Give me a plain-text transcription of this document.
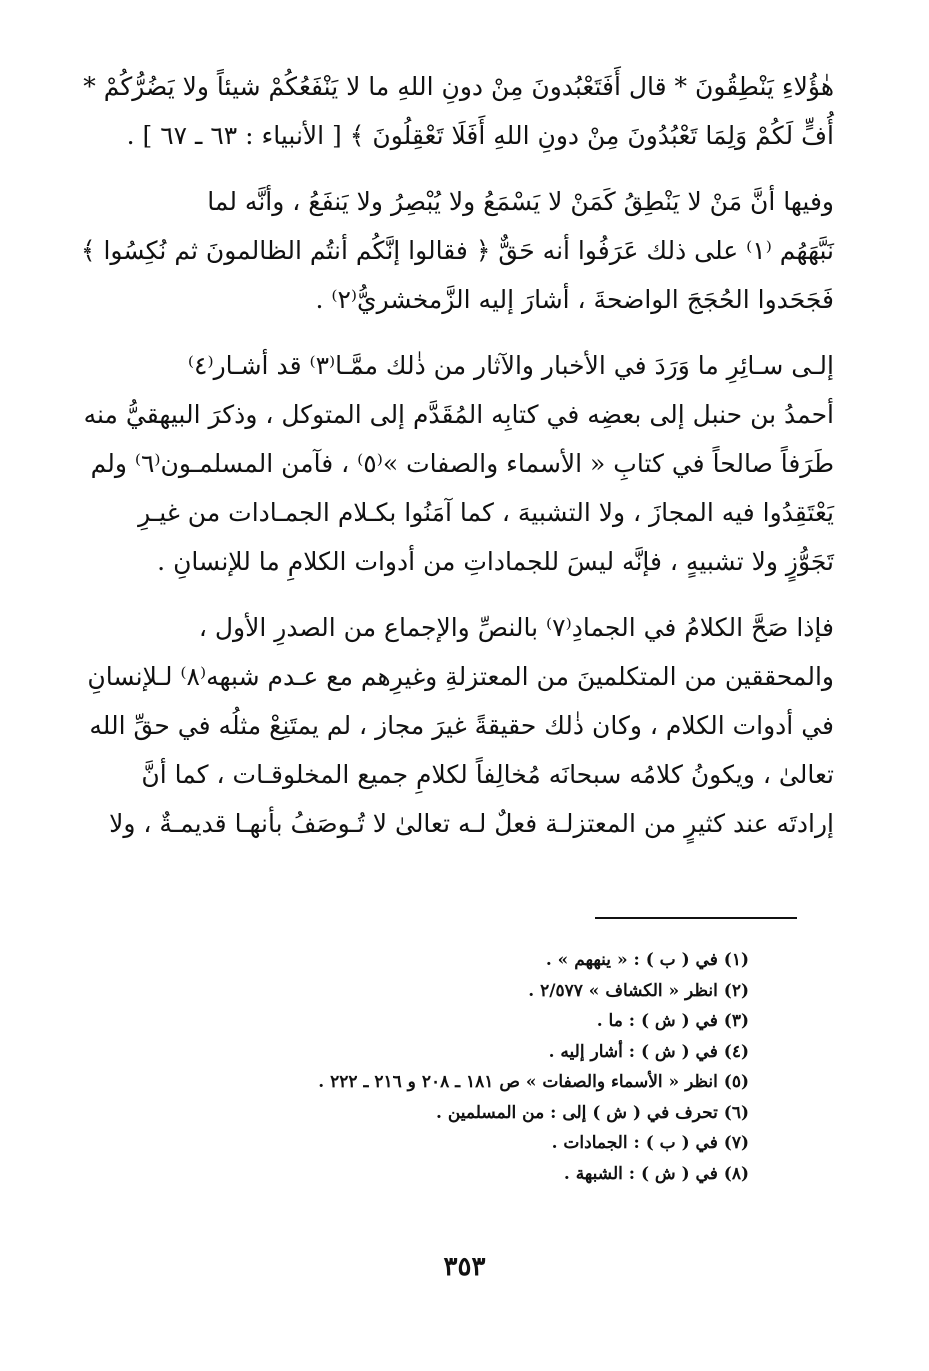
هٰؤُلاءِ يَنْطِقُونَ * قال أَفَتَعْبُدونَ مِنْ دونِ اللهِ ما لا يَنْفَعُكُمْ شيئاً ولا يَضُرُّكُمْ *
أُفٍّ لَكُمْ وَلِمَا تَعْبُدُونَ مِنْ دونِ اللهِ أَفَلَا تَعْقِلُونَ ﴾ [ الأنبياء : ٦٣ ـ ٦٧ ] .

وفيها أنَّ مَنْ لا يَنْطِقُ كَمَنْ لا يَسْمَعُ ولا يُبْصِرُ ولا يَنفَعُ ، وأنَّه لما
نَبَّهَهُم ⁽١⁾ على ذلك عَرَفُوا أنه حَقٌّ ﴿ فقالوا إنَّكُم أنتُم الظالمونَ ثم نُكِسُوا ﴾
فَجَحَدوا الحُجَجَ الواضحةَ ، أشارَ إليه الزَّمخشريُّ⁽٢⁾ .

إلـى سـائِرِ ما وَرَدَ في الأخبار والآثار من ذٰلك ممَّـا⁽٣⁾ قد أشـار⁽٤⁾
أحمدُ بن حنبل إلى بعضِه في كتابِه المُقَدَّم إلى المتوكل ، وذكرَ البيهقيُّ منه
طَرَفاً صالحاً في كتابِ « الأسماء والصفات »⁽٥⁾ ، فآمن المسلمـون⁽٦⁾ ولم
يَعْتَقِدُوا فيه المجازَ ، ولا التشبيهَ ، كما آمَنُوا بكـلام الجمـادات من غيـرِ
تَجَوُّزٍ ولا تشبيهٍ ، فإنَّه ليسَ للجماداتِ من أدوات الكلامِ ما للإنسانِ .

فإذا صَحَّ الكلامُ في الجمادِ⁽٧⁾ بالنصِّ والإجماع من الصدرِ الأول ،
والمحققين من المتكلمينَ من المعتزلةِ وغيرِهم مع عـدم شبهه⁽٨⁾ لـلإنسانِ
في أدوات الكلام ، وكان ذٰلك حقيقةً غيرَ مجاز ، لم يمتَنِعْ مثلُه في حقِّ الله
تعالىٰ ، ويكونُ كلامُه سبحانَه مُخالِفاً لكلامِ جميع المخلوقـات ، كما أنَّ
إرادتَه عند كثيرٍ من المعتزلـة فعلٌ لـه تعالىٰ لا تُـوصَفُ بأنهـا قديمـةٌ ، ولا

(١) في ( ب ) : « ينههم » .
(٢) انظر « الكشاف » ٢/٥٧٧ .
(٣) في ( ش ) : ما .
(٤) في ( ش ) : أشار إليه .
(٥) انظر « الأسماء والصفات » ص ١٨١ ـ ٢٠٨ و ٢١٦ ـ ٢٢٢ .
(٦) تحرف في ( ش ) إلى : من المسلمين .
(٧) في ( ب ) : الجمادات .
(٨) في ( ش ) : الشبهة .
٣٥٣
